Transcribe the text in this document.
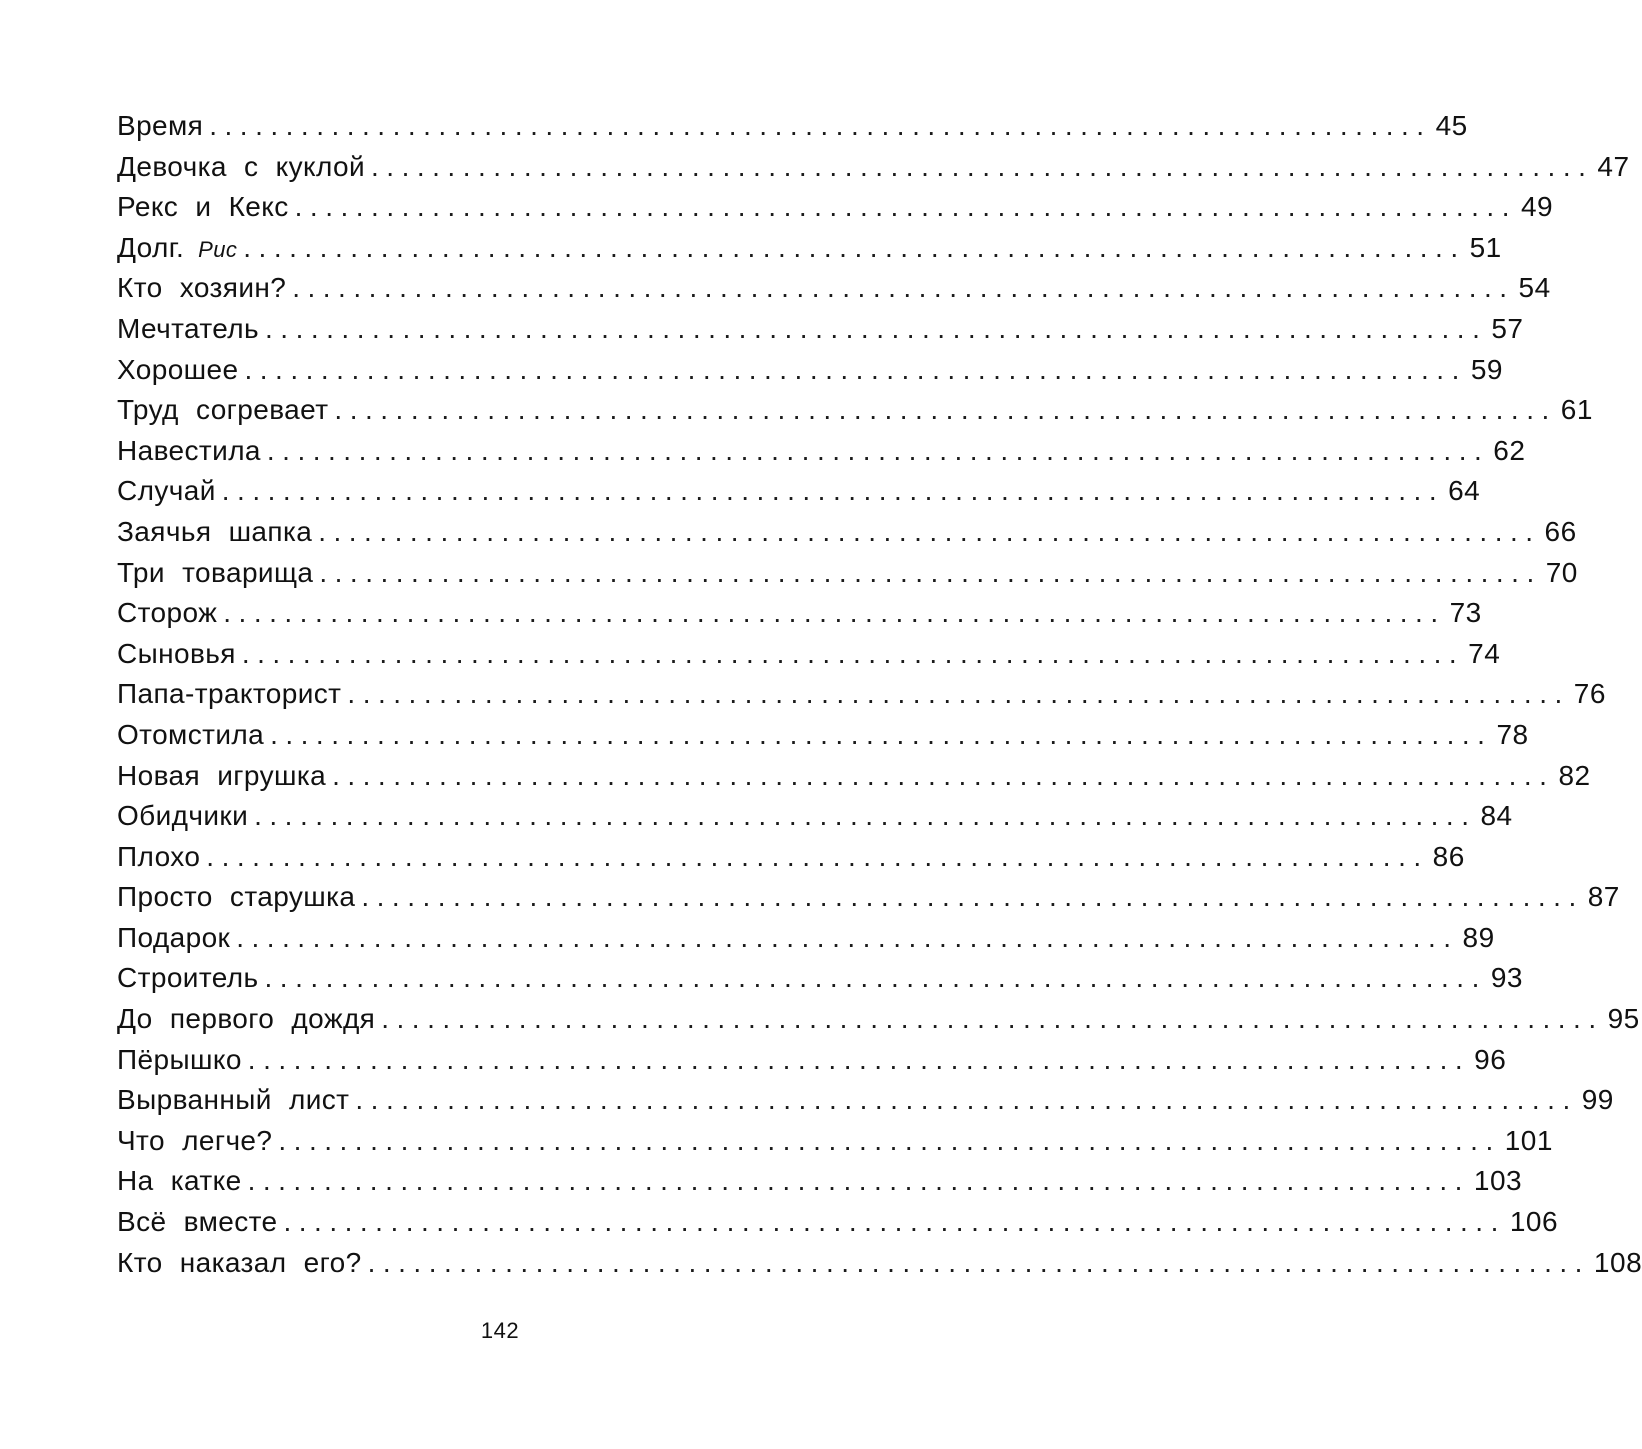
Время ................................................................................ 45
Девочка с куклой ................................................................................ 47
Рекс и Кекс ................................................................................ 49
Долг. Рис ................................................................................ 51
Кто хозяин? ................................................................................ 54
Мечтатель ................................................................................ 57
Хорошее ................................................................................ 59
Труд согревает ................................................................................ 61
Навестила ................................................................................ 62
Случай ................................................................................ 64
Заячья шапка ................................................................................ 66
Три товарища ................................................................................ 70
Сторож ................................................................................ 73
Сыновья ................................................................................ 74
Папа-тракторист ................................................................................ 76
Отомстила ................................................................................ 78
Новая игрушка ................................................................................ 82
Обидчики ................................................................................ 84
Плохо ................................................................................ 86
Просто старушка ................................................................................ 87
Подарок ................................................................................ 89
Строитель ................................................................................ 93
До первого дождя ................................................................................ 95
Пёрышко ................................................................................ 96
Вырванный лист ................................................................................ 99
Что легче? ................................................................................ 101
На катке ................................................................................ 103
Всё вместе ................................................................................ 106
Кто наказал его? ................................................................................ 108
142
